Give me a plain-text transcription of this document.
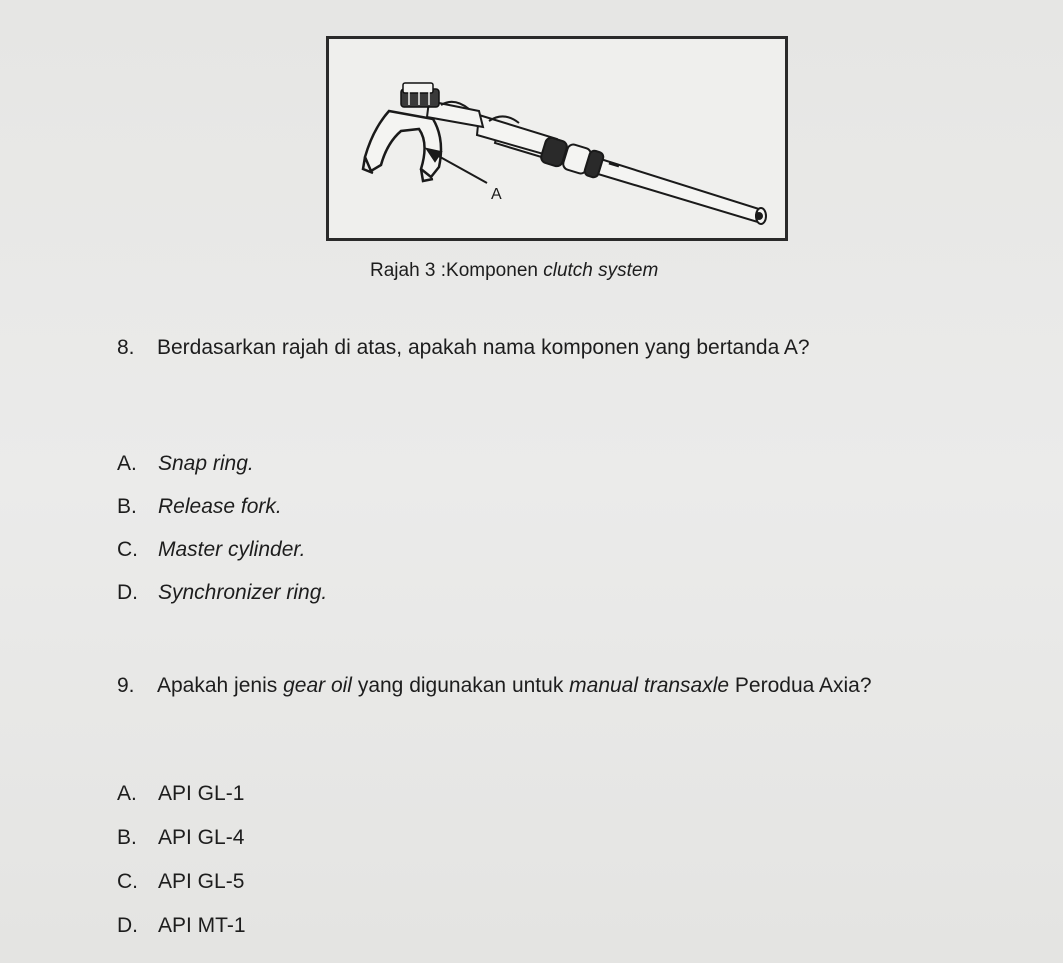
A
Rajah 3 :Komponen clutch system
8. Berdasarkan rajah di atas, apakah nama komponen yang bertanda A?
A. Snap ring.
B. Release fork.
C. Master cylinder.
D. Synchronizer ring.
9. Apakah jenis gear oil yang digunakan untuk manual transaxle Perodua Axia?
A. API GL-1
B. API GL-4
C. API GL-5
D. API MT-1
